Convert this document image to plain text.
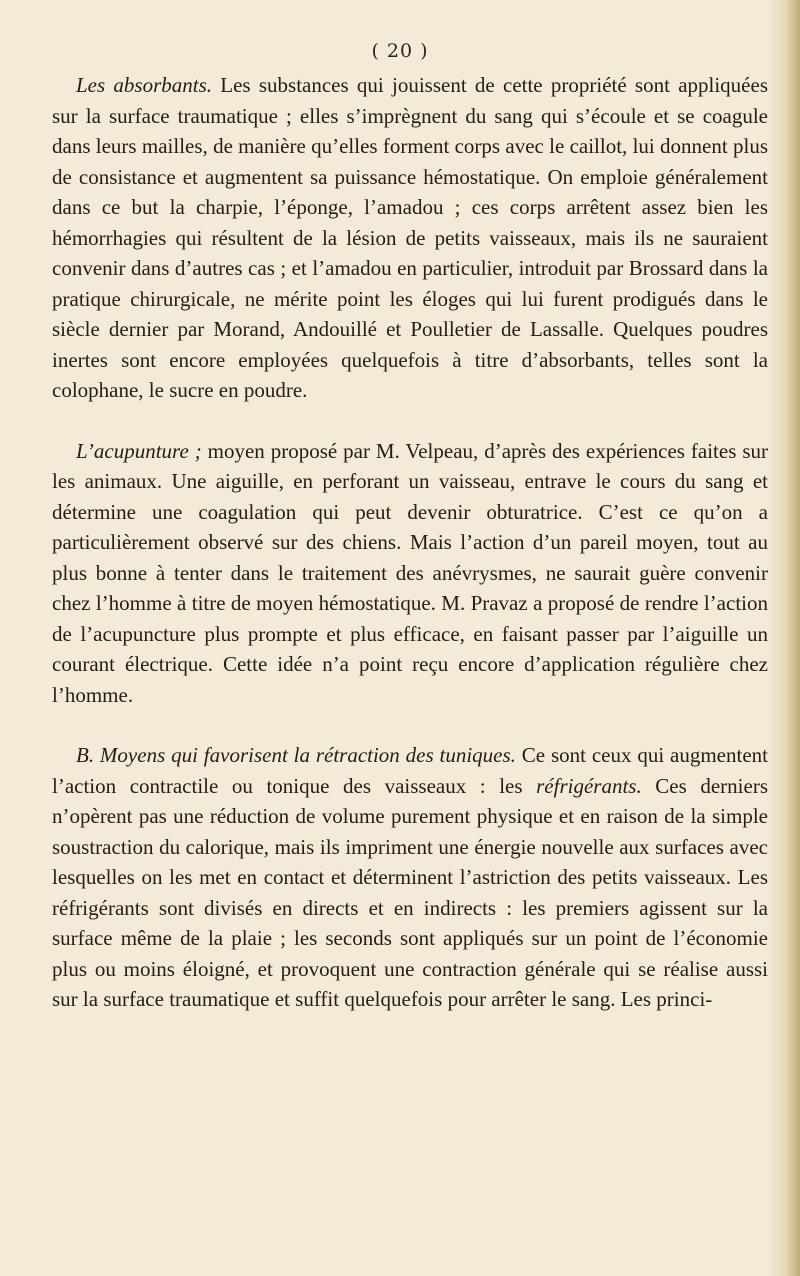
( 20 )

Les absorbants. Les substances qui jouissent de cette propriété sont appliquées sur la surface traumatique ; elles s’imprègnent du sang qui s’écoule et se coagule dans leurs mailles, de manière qu’elles forment corps avec le caillot, lui donnent plus de consistance et augmentent sa puissance hémostatique. On emploie généralement dans ce but la charpie, l’éponge, l’amadou ; ces corps arrêtent assez bien les hémorrhagies qui résultent de la lésion de petits vaisseaux, mais ils ne sauraient convenir dans d’autres cas ; et l’amadou en particulier, introduit par Brossard dans la pratique chirurgicale, ne mérite point les éloges qui lui furent prodigués dans le siècle dernier par Morand, Andouillé et Poulletier de Lassalle. Quelques poudres inertes sont encore employées quelquefois à titre d’absorbants, telles sont la colophane, le sucre en poudre.

L’acupunture ; moyen proposé par M. Velpeau, d’après des expériences faites sur les animaux. Une aiguille, en perforant un vaisseau, entrave le cours du sang et détermine une coagulation qui peut devenir obturatrice. C’est ce qu’on a particulièrement observé sur des chiens. Mais l’action d’un pareil moyen, tout au plus bonne à tenter dans le traitement des anévrysmes, ne saurait guère convenir chez l’homme à titre de moyen hémostatique. M. Pravaz a proposé de rendre l’action de l’acupuncture plus prompte et plus efficace, en faisant passer par l’aiguille un courant électrique. Cette idée n’a point reçu encore d’application régulière chez l’homme.

B. Moyens qui favorisent la rétraction des tuniques. Ce sont ceux qui augmentent l’action contractile ou tonique des vaisseaux : les réfrigérants. Ces derniers n’opèrent pas une réduction de volume purement physique et en raison de la simple soustraction du calorique, mais ils impriment une énergie nouvelle aux surfaces avec lesquelles on les met en contact et déterminent l’astriction des petits vaisseaux. Les réfrigérants sont divisés en directs et en indirects : les premiers agissent sur la surface même de la plaie ; les seconds sont appliqués sur un point de l’économie plus ou moins éloigné, et provoquent une contraction générale qui se réalise aussi sur la surface traumatique et suffit quelquefois pour arrêter le sang. Les princi-
